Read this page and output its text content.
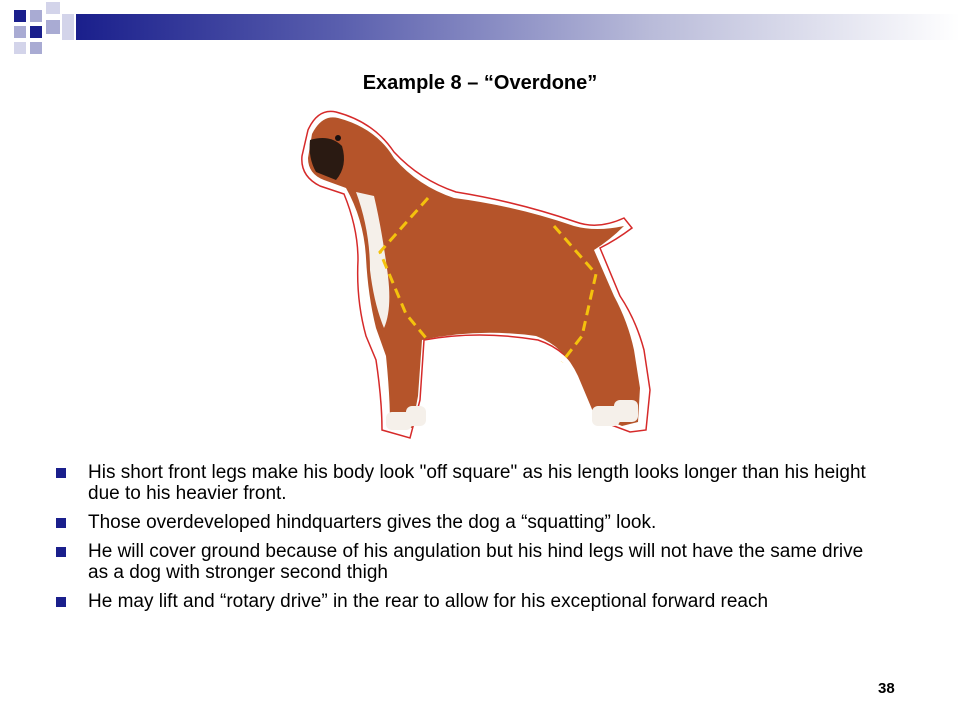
Example 8 – “Overdone”
His short front legs make his body look "off square" as his length looks longer than his height due to his heavier front.
Those overdeveloped hindquarters gives the dog a “squatting” look.
He will cover ground because of his angulation but his hind legs will not have the same drive as a dog with stronger second thigh
He may lift and “rotary drive” in the rear to allow for his exceptional forward reach
38
